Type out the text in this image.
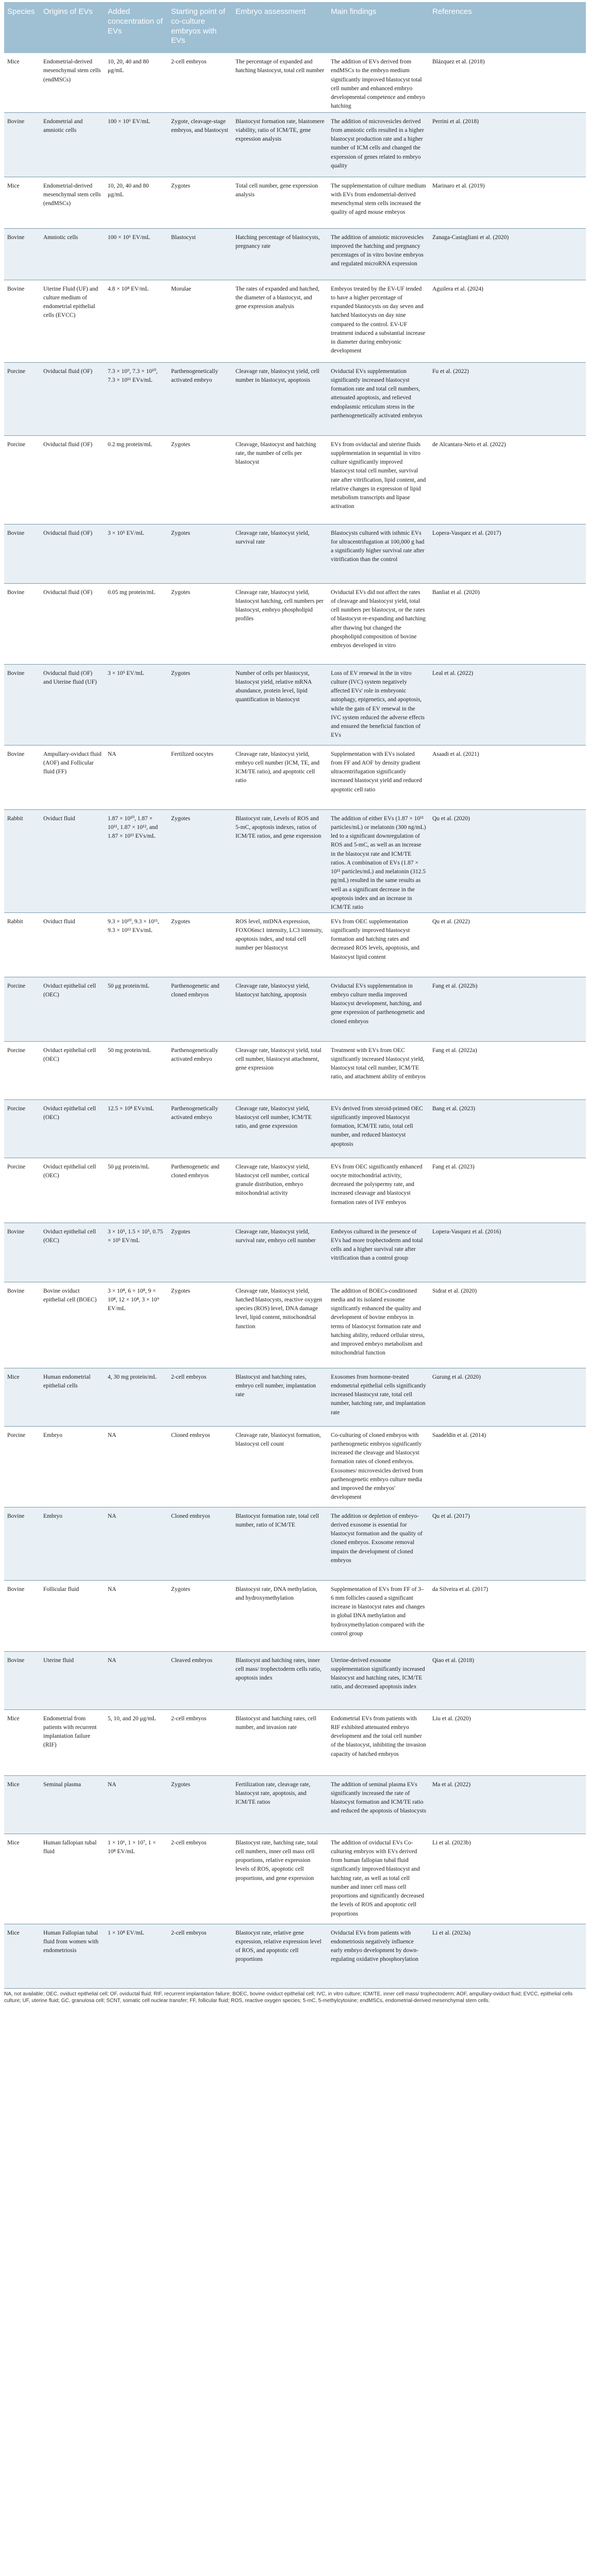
Species	Origins of EVs	Added concentration of EVs	Starting point of co-culture embryos with EVs	Embryo assessment	Main findings	References
Mice	Endometrial-derived mesenchymal stem cells (endMSCs)	10, 20, 40 and 80 μg/mL	2-cell embryos	The percentage of expanded and hatching blastocyst, total cell number	The addition of EVs derived from endMSCs to the embryo medium significantly improved blastocyst total cell number and enhanced embryo developmental competence and embryo hatching	Blázquez et al. (2018)
Bovine	Endometrial and amniotic cells	100 × 10⁶ EV/mL	Zygote, cleavage-stage embryos, and blastocyst	Blastocyst formation rate, blastomere viability, ratio of ICM/TE, gene expression analysis	The addition of microvesicles derived from amniotic cells resulted in a higher blastocyst production rate and a higher number of ICM cells and changed the expression of genes related to embryo quality	Perrini et al. (2018)
Mice	Endometrial-derived mesenchymal stem cells (endMSCs)	10, 20, 40 and 80 μg/mL	Zygotes	Total cell number, gene expression analysis	The supplementation of culture medium with EVs from endometrial-derived mesenchymal stem cells increased the quality of aged mouse embryos	Marinaro et al. (2019)
Bovine	Amniotic cells	100 × 10⁶ EV/mL	Blastocyst	Hatching percentage of blastocysts, pregnancy rate	The addition of amniotic microvesicles improved the hatching and pregnancy percentages of in vitro bovine embryos and regulated microRNA expression	Zanaga-Castagliani et al. (2020)
Bovine	Uterine Fluid (UF) and culture medium of endometrial epithelial cells (EVCC)	4.8 × 10⁸ EV/mL	Morulae	The rates of expanded and hatched, the diameter of a blastocyst, and gene expression analysis	Embryos treated by the EV-UF tended to have a higher percentage of expanded blastocysts on day seven and hatched blastocysts on day nine compared to the control. EV-UF treatment induced a substantial increase in diameter during embryonic development	Aguilera et al. (2024)
Porcine	Oviductal fluid (OF)	7.3 × 10⁹, 7.3 × 10¹⁰, 7.3 × 10¹¹ EVs/mL	Parthenogenetically activated embryo	Cleavage rate, blastocyst yield, cell number in blastocyst, apoptosis	Oviductal EVs supplementation significantly increased blastocyst formation rate and total cell numbers, attenuated apoptosis, and relieved endoplasmic reticulum stress in the parthenogenetically activated embryos	Fu et al. (2022)
Porcine	Oviductal fluid (OF)	0.2 mg protein/mL	Zygotes	Cleavage, blastocyst and hatching rate, the number of cells per blastocyst	EVs from oviductal and uterine fluids supplementation in sequential in vitro culture significantly improved blastocyst total cell number, survival rate after vitrification, lipid content, and relative changes in expression of lipid metabolism transcripts and lipase activation	de Alcantara-Neto et al. (2022)
Bovine	Oviductal fluid (OF)	3 × 10⁵ EV/mL	Zygotes	Cleavage rate, blastocyst yield, survival rate	Blastocysts cultured with isthmic EVs for ultracentrifugation at 100,000 g had a significantly higher survival rate after vitrification than the control	Lopera-Vasquez et al. (2017)
Bovine	Oviductal fluid (OF)	0.05 mg protein/mL	Zygotes	Cleavage rate, blastocyst yield, blastocyst hatching, cell numbers per blastocyst, embryo phospholipid profiles	Oviductal EVs did not affect the rates of cleavage and blastocyst yield, total cell numbers per blastocyst, or the rates of blastocyst re-expanding and hatching after thawing but changed the phospholipid composition of bovine embryos developed in vitro	Banliat et al. (2020)
Bovine	Oviductal fluid (OF) and Uterine fluid (UF)	3 × 10⁵ EV/mL	Zygotes	Number of cells per blastocyst, blastocyst yield, relative mRNA abundance, protein level, lipid quantification in blastocyst	Loss of EV renewal in the in vitro culture (IVC) system negatively affected EVs' role in embryonic autophagy, epigenetics, and apoptosis, while the gain of EV renewal in the IVC system reduced the adverse effects and ensured the beneficial function of EVs	Leal et al. (2022)
Bovine	Ampullary-oviduct fluid (AOF) and Follicular fluid (FF)	NA	Fertilized oocytes	Cleavage rate, blastocyst yield, embryo cell number (ICM, TE, and ICM/TE ratio), and apoptotic cell ratio	Supplementation with EVs isolated from FF and AOF by density gradient ultracentrifugation significantly increased blastocyst yield and reduced apoptotic cell ratio	Asaadi et al. (2021)
Rabbit	Oviduct fluid	1.87 × 10¹⁰, 1.87 × 10¹¹, 1.87 × 10¹², and 1.87 × 10¹³ EVs/mL	Zygotes	Blastocyst rate, Levels of ROS and 5-mC, apoptosis indexes, ratios of ICM/TE ratios, and gene expression	The addition of either EVs (1.87 × 10¹¹ particles/mL) or melatonin (300 ng/mL) led to a significant downregulation of ROS and 5-mC, as well as an increase in the blastocyst rate and ICM/TE ratios. A combination of EVs (1.87 × 10¹¹ particles/mL) and melatonin (312.5 pg/mL) resulted in the same results as well as a significant decrease in the apoptosis index and an increase in ICM/TE ratio	Qu et al. (2020)
Rabbit	Oviduct fluid	9.3 × 10¹⁰, 9.3 × 10¹¹, 9.3 × 10¹² EVs/mL	Zygotes	ROS level, mtDNA expression, FOXO6mc1 intensity, LC3 intensity, apoptosis index, and total cell number per blastocyst	EVs from OEC supplementation significantly improved blastocyst formation and hatching rates and decreased ROS levels, apoptosis, and blastocyst lipid content	Qu et al. (2022)
Porcine	Oviduct epithelial cell (OEC)	50 μg protein/mL	Parthenogenetic and cloned embryos	Cleavage rate, blastocyst yield, blastocyst hatching, apoptosis	Oviductal EVs supplementation in embryo culture media improved blastocyst development, hatching, and gene expression of parthenogenetic and cloned embryos	Fang et al. (2022b)
Porcine	Oviduct epithelial cell (OEC)	50 mg protein/mL	Parthenogenetically activated embryo	Cleavage rate, blastocyst yield, total cell number, blastocyst attachment, gene expression	Treatment with EVs from OEC significantly increased blastocyst yield, blastocyst total cell number, ICM/TE ratio, and attachment ability of embryos	Fang et al. (2022a)
Porcine	Oviduct epithelial cell (OEC)	12.5 × 10⁸ EVs/mL	Parthenogenetically activated embryo	Cleavage rate, blastocyst yield, blastocyst cell number, ICM/TE ratio, and gene expression	EVs derived from steroid-primed OEC significantly improved blastocyst formation, ICM/TE ratio, total cell number, and reduced blastocyst apoptosis	Bang et al. (2023)
Porcine	Oviduct epithelial cell (OEC)	50 μg protein/mL	Parthenogenetic and cloned embryos	Cleavage rate, blastocyst yield, blastocyst cell number, cortical granule distribution, embryo mitochondrial activity	EVs from OEC significantly enhanced oocyte mitochondrial activity, decreased the polyspermy rate, and increased cleavage and blastocyst formation rates of IVF embryos	Fang et al. (2023)
Bovine	Oviduct epithelial cell (OEC)	3 × 10⁵, 1.5 × 10⁵, 0.75 × 10⁵ EV/mL	Zygotes	Cleavage rate, blastocyst yield, survival rate, embryo cell number	Embryos cultured in the presence of EVs had more trophectoderm and total cells and a higher survival rate after vitrification than a control group	Lopera-Vasquez et al. (2016)
Bovine	Bovine oviduct epithelial cell (BOEC)	3 × 10⁸, 6 × 10⁸, 9 × 10⁸, 12 × 10⁸, 3 × 10⁹ EV/mL	Zygotes	Cleavage rate, blastocyst yield, hatched blastocysts, reactive oxygen species (ROS) level, DNA damage level, lipid content, mitochondrial function	The addition of BOECs-conditioned media and its isolated exosome significantly enhanced the quality and development of bovine embryos in terms of blastocyst formation rate and hatching ability, reduced cellular stress, and improved embryo metabolism and mitochondrial function	Sidrat et al. (2020)
Mice	Human endometrial epithelial cells	4, 30 mg protein/mL	2-cell embryos	Blastocyst and hatching rates, embryo cell number, implantation rate	Exosomes from hormone-treated endometrial epithelial cells significantly increased blastocyst rate, total cell number, hatching rate, and implantation rate	Gurung et al. (2020)
Porcine	Embryo	NA	Cloned embryos	Cleavage rate, blastocyst formation, blastocyst cell count	Co-culturing of cloned embryos with parthenogenetic embryos significantly increased the cleavage and blastocyst formation rates of cloned embryos. Exosomes/ microvesicles derived from parthenogenetic embryo culture media and improved the embryos' development	Saadeldin et al. (2014)
Bovine	Embryo	NA	Cloned embryos	Blastocyst formation rate, total cell number, ratio of ICM/TE	The addition or depletion of embryo-derived exosome is essential for blastocyst formation and the quality of cloned embryos. Exosome removal impairs the development of cloned embryos	Qu et al. (2017)
Bovine	Follicular fluid	NA	Zygotes	Blastocyst rate, DNA methylation, and hydroxymethylation	Supplementation of EVs from FF of 3–6 mm follicles caused a significant increase in blastocyst rates and changes in global DNA methylation and hydroxymethylation compared with the control group	da Silveira et al. (2017)
Bovine	Uterine fluid	NA	Cleaved embryos	Blastocyst and hatching rates, inner cell mass/ trophectoderm cells ratio, apoptosis index	Uterine-derived exosome supplementation significantly increased blastocyst and hatching rates, ICM/TE ratio, and decreased apoptosis index	Qiao et al. (2018)
Mice	Endometrial from patients with recurrent implantation failure (RIF)	5, 10, and 20 μg/mL	2-cell embryos	Blastocyst and hatching rates, cell number, and invasion rate	Endometrial EVs from patients with RIF exhibited attenuated embryo development and the total cell number of the blastocyst, inhibiting the invasion capacity of hatched embryos	Liu et al. (2020)
Mice	Seminal plasma	NA	Zygotes	Fertilization rate, cleavage rate, blastocyst rate, apoptosis, and ICM/TE ratios	The addition of seminal plasma EVs significantly increased the rate of blastocyst formation and ICM/TE ratio and reduced the apoptosis of blastocysts	Ma et al. (2022)
Mice	Human fallopian tubal fluid	1 × 10⁶, 1 × 10⁷, 1 × 10⁸ EV/mL	2-cell embryos	Blastocyst rate, hatching rate, total cell numbers, inner cell mass cell proportions, relative expression levels of ROS, apoptotic cell proportions, and gene expression	The addition of oviductal EVs Co-culturing embryos with EVs derived from human fallopian tubal fluid significantly improved blastocyst and hatching rate, as well as total cell number and inner cell mass cell proportions and significantly decreased the levels of ROS and apoptotic cell proportions	Li et al. (2023b)
Mice	Human Fallopian tubal fluid from women with endometriosis	1 × 10⁸ EV/mL	2-cell embryos	Blastocyst rate, relative gene expression, relative expression level of ROS, and apoptotic cell proportions	Oviductal EVs from patients with endometriosis negatively influence early embryo development by down-regulating oxidative phosphorylation	Li et al. (2023a)
NA, not available; OEC, oviduct epithelial cell; OF, oviductal fluid; RIF, recurrent implantation failure; BOEC, bovine oviduct epithelial cell; IVC, in vitro culture; ICM/TE, inner cell mass/ trophectoderm; AOF, ampullary-oviduct fluid; EVCC, epithelial cells culture; UF, uterine fluid; GC, granulosa cell; SCNT, somatic cell nuclear transfer; FF, follicular fluid; ROS, reactive oxygen species; 5-mC, 5-methylcytosine; endMSCs, endometrial-derived mesenchymal stem cells.
